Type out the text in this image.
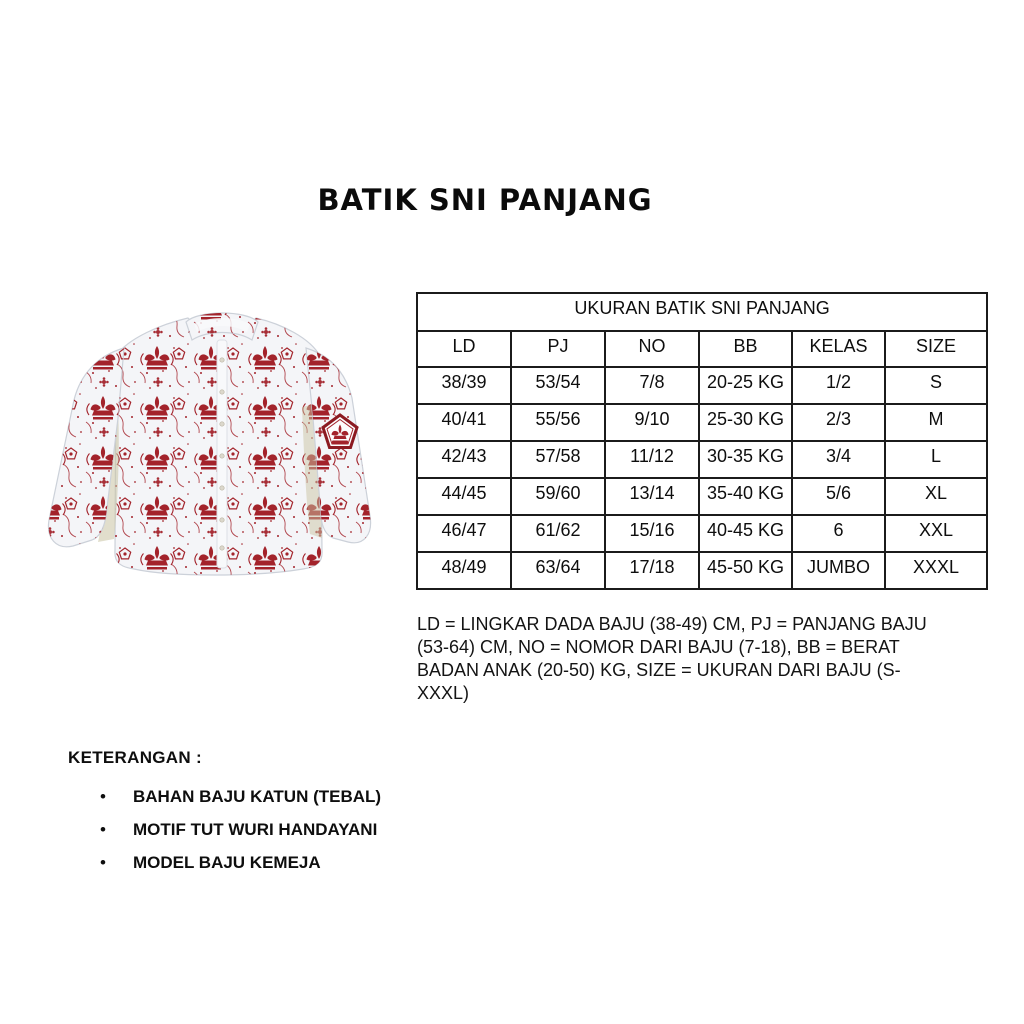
BATIK SNI PANJANG
UKURAN BATIK SNI PANJANG					
LD	PJ	NO	BB	KELAS	SIZE
38/39	53/54	7/8	20-25 KG	1/2	S
40/41	55/56	9/10	25-30 KG	2/3	M
42/43	57/58	11/12	30-35 KG	3/4	L
44/45	59/60	13/14	35-40 KG	5/6	XL
46/47	61/62	15/16	40-45 KG	6	XXL
48/49	63/64	17/18	45-50 KG	JUMBO	XXXL
LD = LINGKAR DADA BAJU (38-49) CM, PJ = PANJANG BAJU
(53-64) CM, NO = NOMOR DARI BAJU (7-18), BB = BERAT
BADAN ANAK (20-50) KG, SIZE = UKURAN DARI BAJU (S-
XXXL)
KETERANGAN :
•	BAHAN BAJU KATUN (TEBAL)
•	MOTIF TUT WURI HANDAYANI
•	MODEL BAJU KEMEJA
